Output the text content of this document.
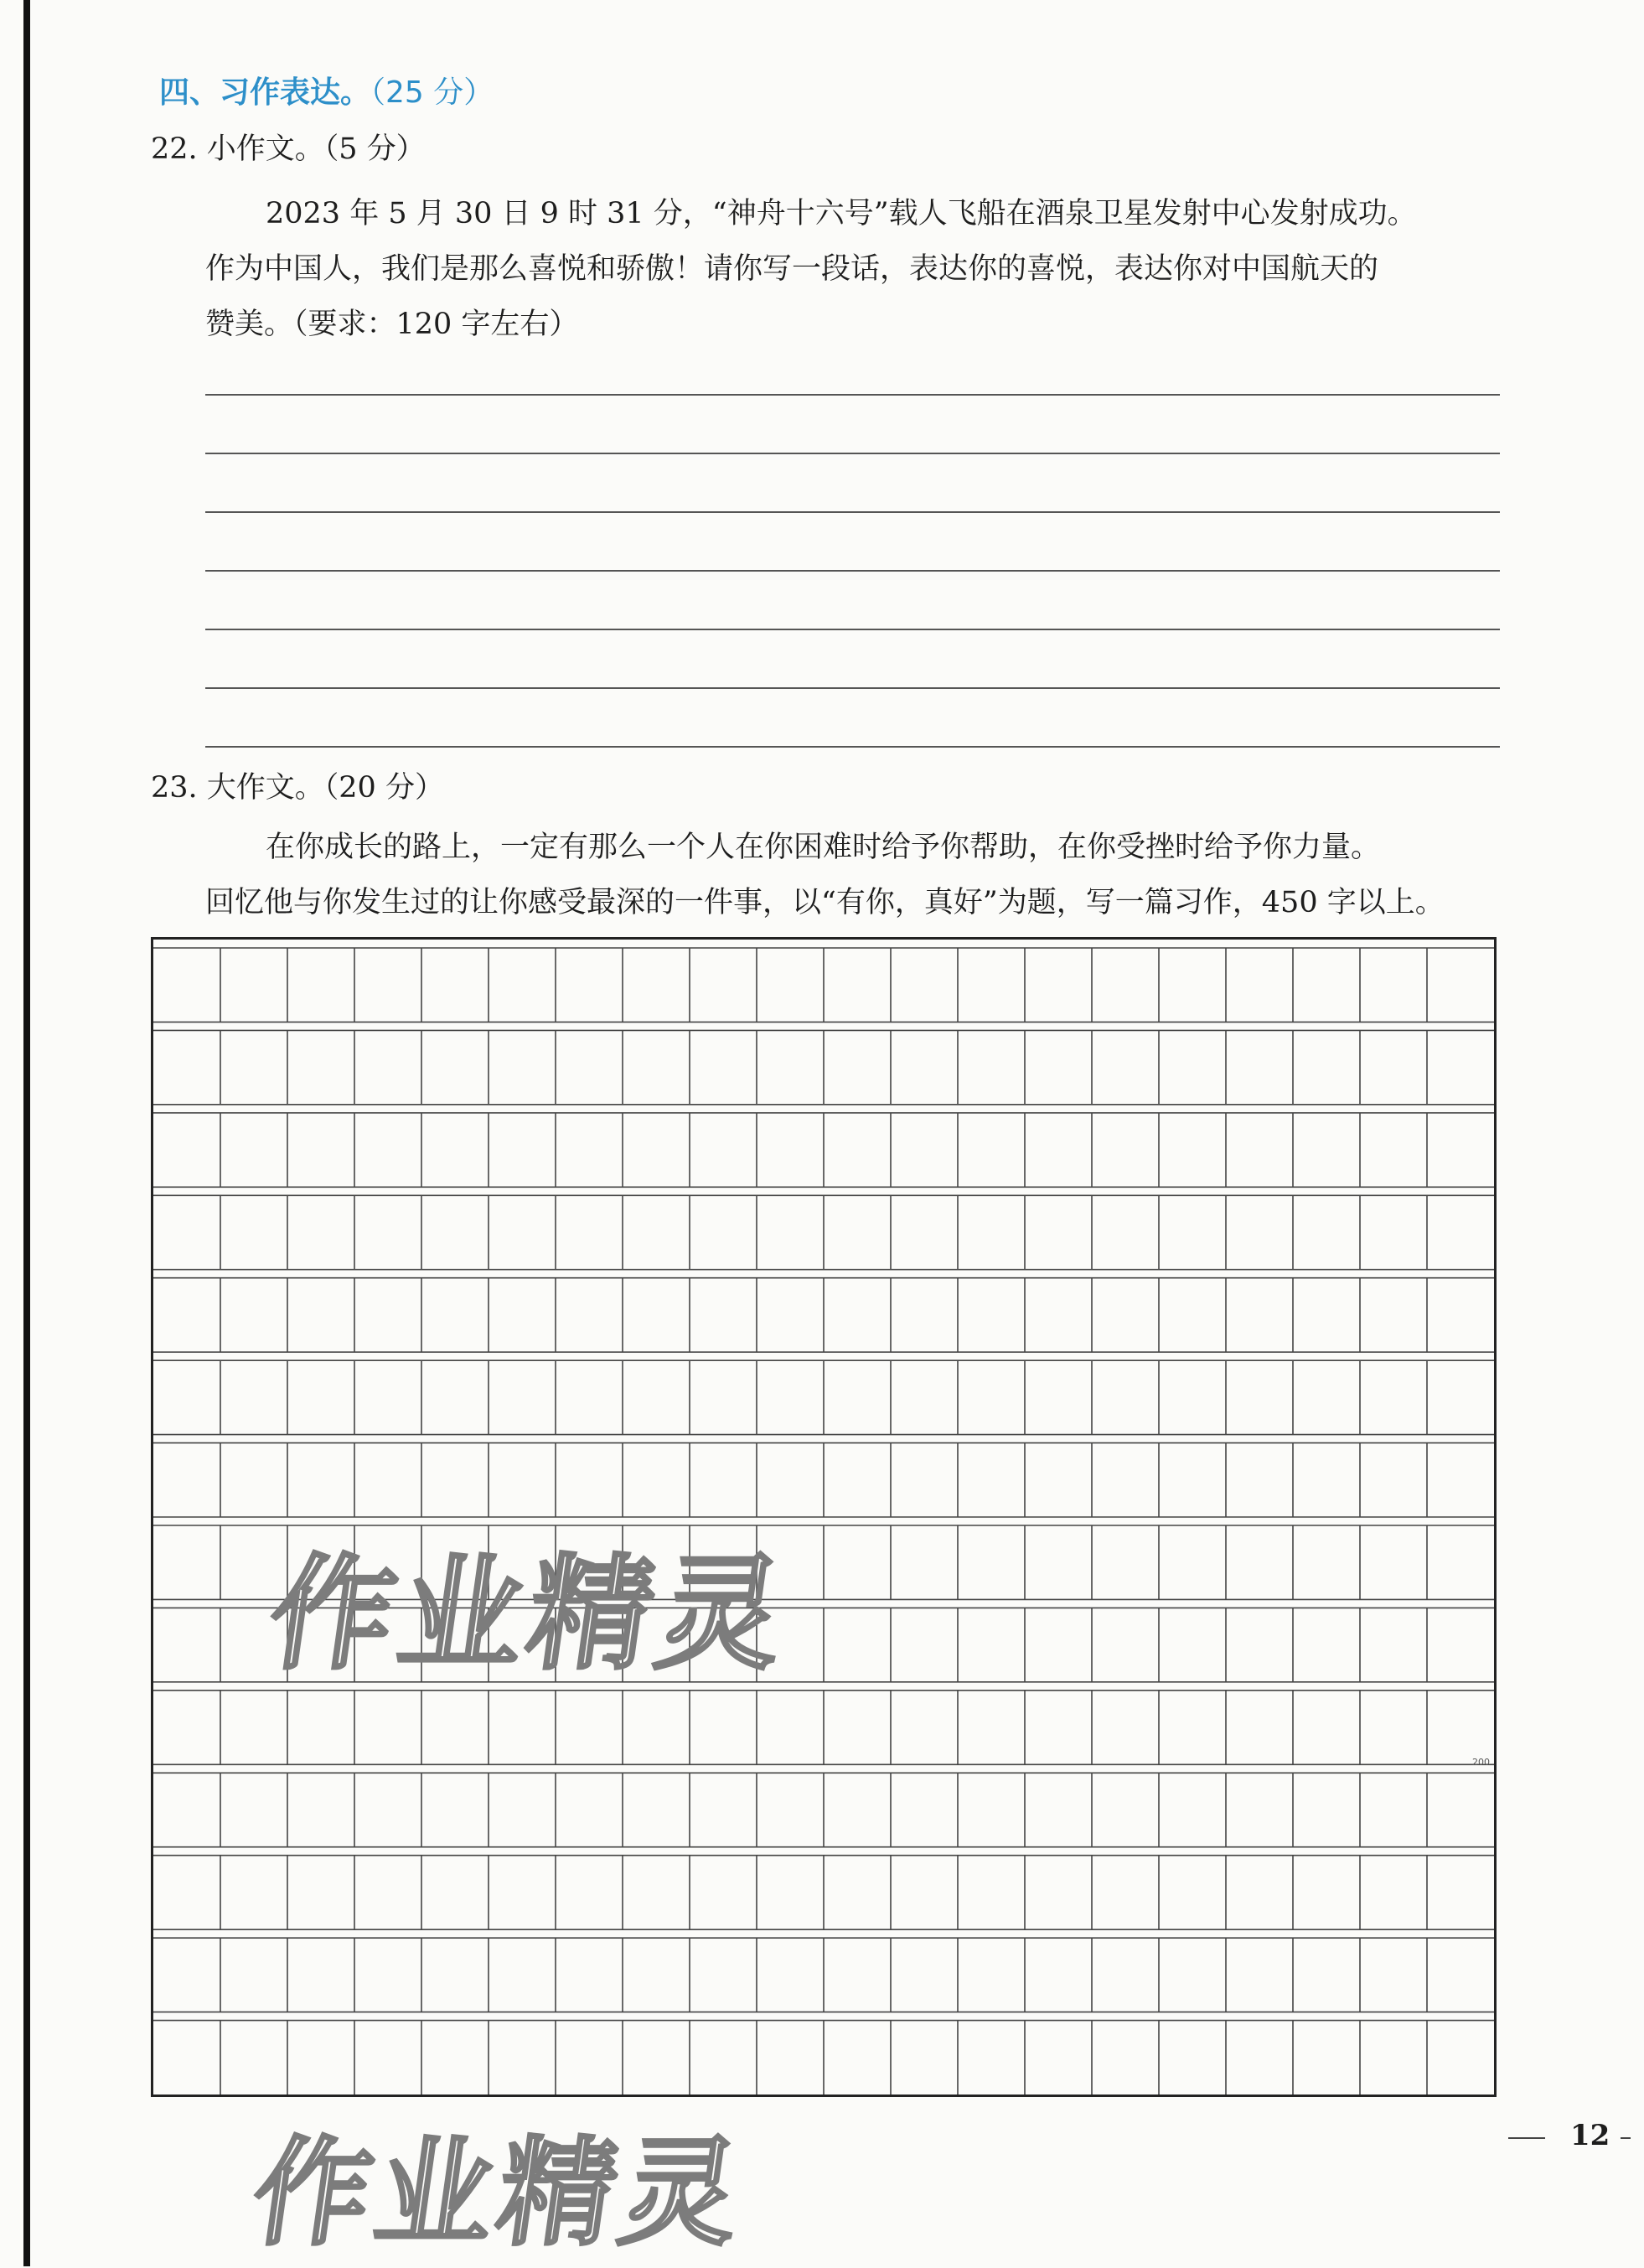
四、习作表达。（25 分）
22. 小作文。（5 分）
2023 年 5 月 30 日 9 时 31 分，“神舟十六号”载人飞船在酒泉卫星发射中心发射成功。
作为中国人，我们是那么喜悦和骄傲！请你写一段话，表达你的喜悦，表达你对中国航天的
赞美。（要求：120 字左右）
23. 大作文。（20 分）
在你成长的路上，一定有那么一个人在你困难时给予你帮助，在你受挫时给予你力量。
回忆他与你发生过的让你感受最深的一件事，以“有你，真好”为题，写一篇习作，450 字以上。
200
作业精灵
作业精灵	12
